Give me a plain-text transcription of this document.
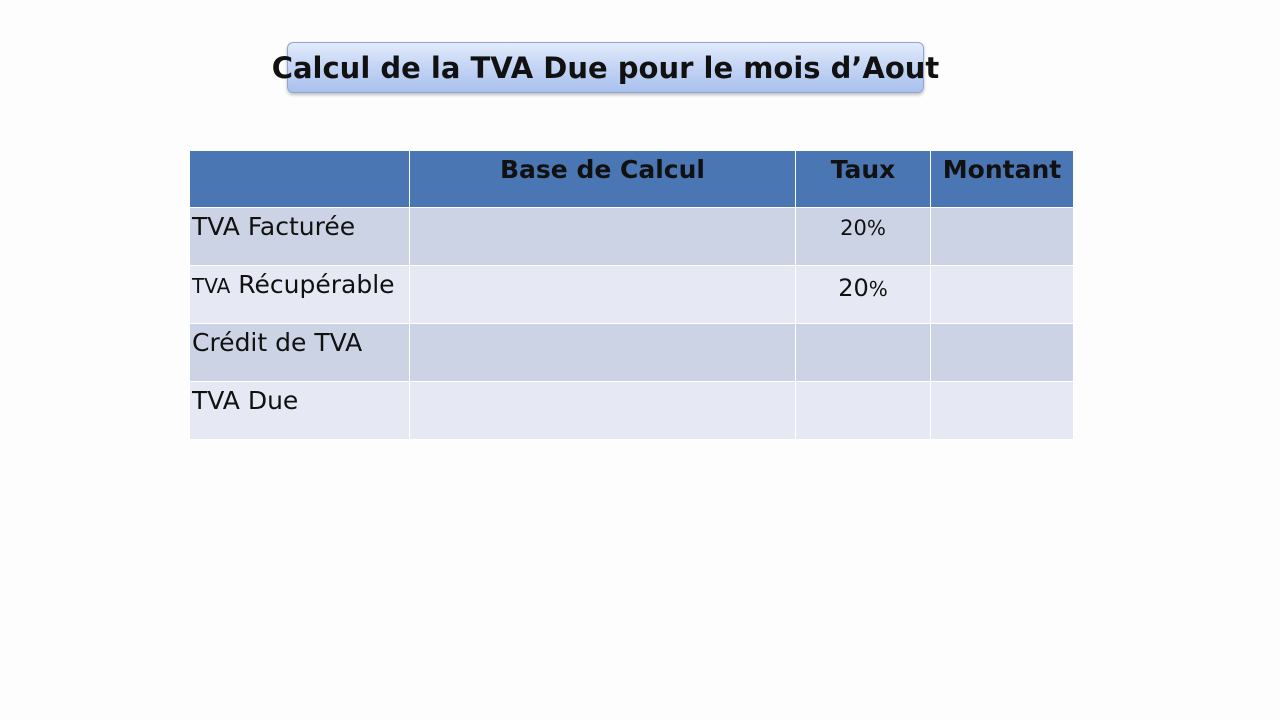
Calcul de la TVA Due pour le mois d’Aout
	Base de Calcul	Taux	Montant
TVA Facturée		20%	
TVA Récupérable		20%	
Crédit de TVA			
TVA Due			
